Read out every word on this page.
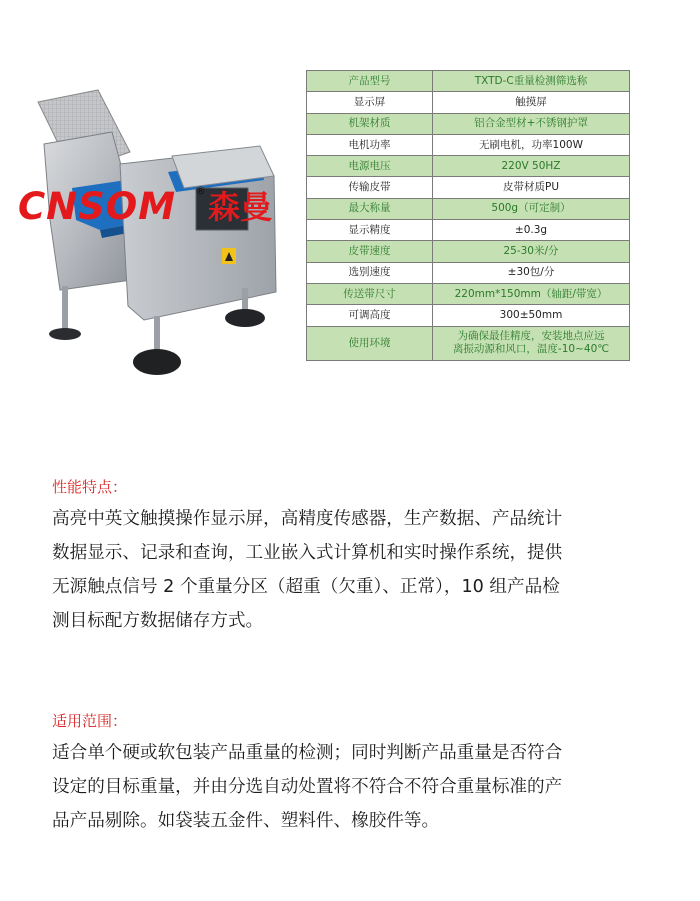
CNSOM ® 森曼
产品型号	TXTD-C重量检测筛选称
显示屏	触摸屏
机架材质	铝合金型材+不锈钢护罩
电机功率	无刷电机，功率100W
电源电压	220V 50HZ
传输皮带	皮带材质PU
最大称量	500g（可定制）
显示精度	±0.3g
皮带速度	25-30米/分
选别速度	±30包/分
传送带尺寸	220mm*150mm（轴距/带宽）
可调高度	300±50mm
使用环境	为确保最佳精度，安装地点应远
离振动源和风口，温度-10~40℃
性能特点：
高亮中英文触摸操作显示屏，高精度传感器，生产数据、产品统计
数据显示、记录和查询，工业嵌入式计算机和实时操作系统，提供
无源触点信号 2 个重量分区（超重（欠重）、正常），10 组产品检
测目标配方数据储存方式。
适用范围：
适合单个硬或软包装产品重量的检测；同时判断产品重量是否符合
设定的目标重量，并由分选自动处置将不符合不符合重量标准的产
品产品剔除。如袋装五金件、塑料件、橡胶件等。
